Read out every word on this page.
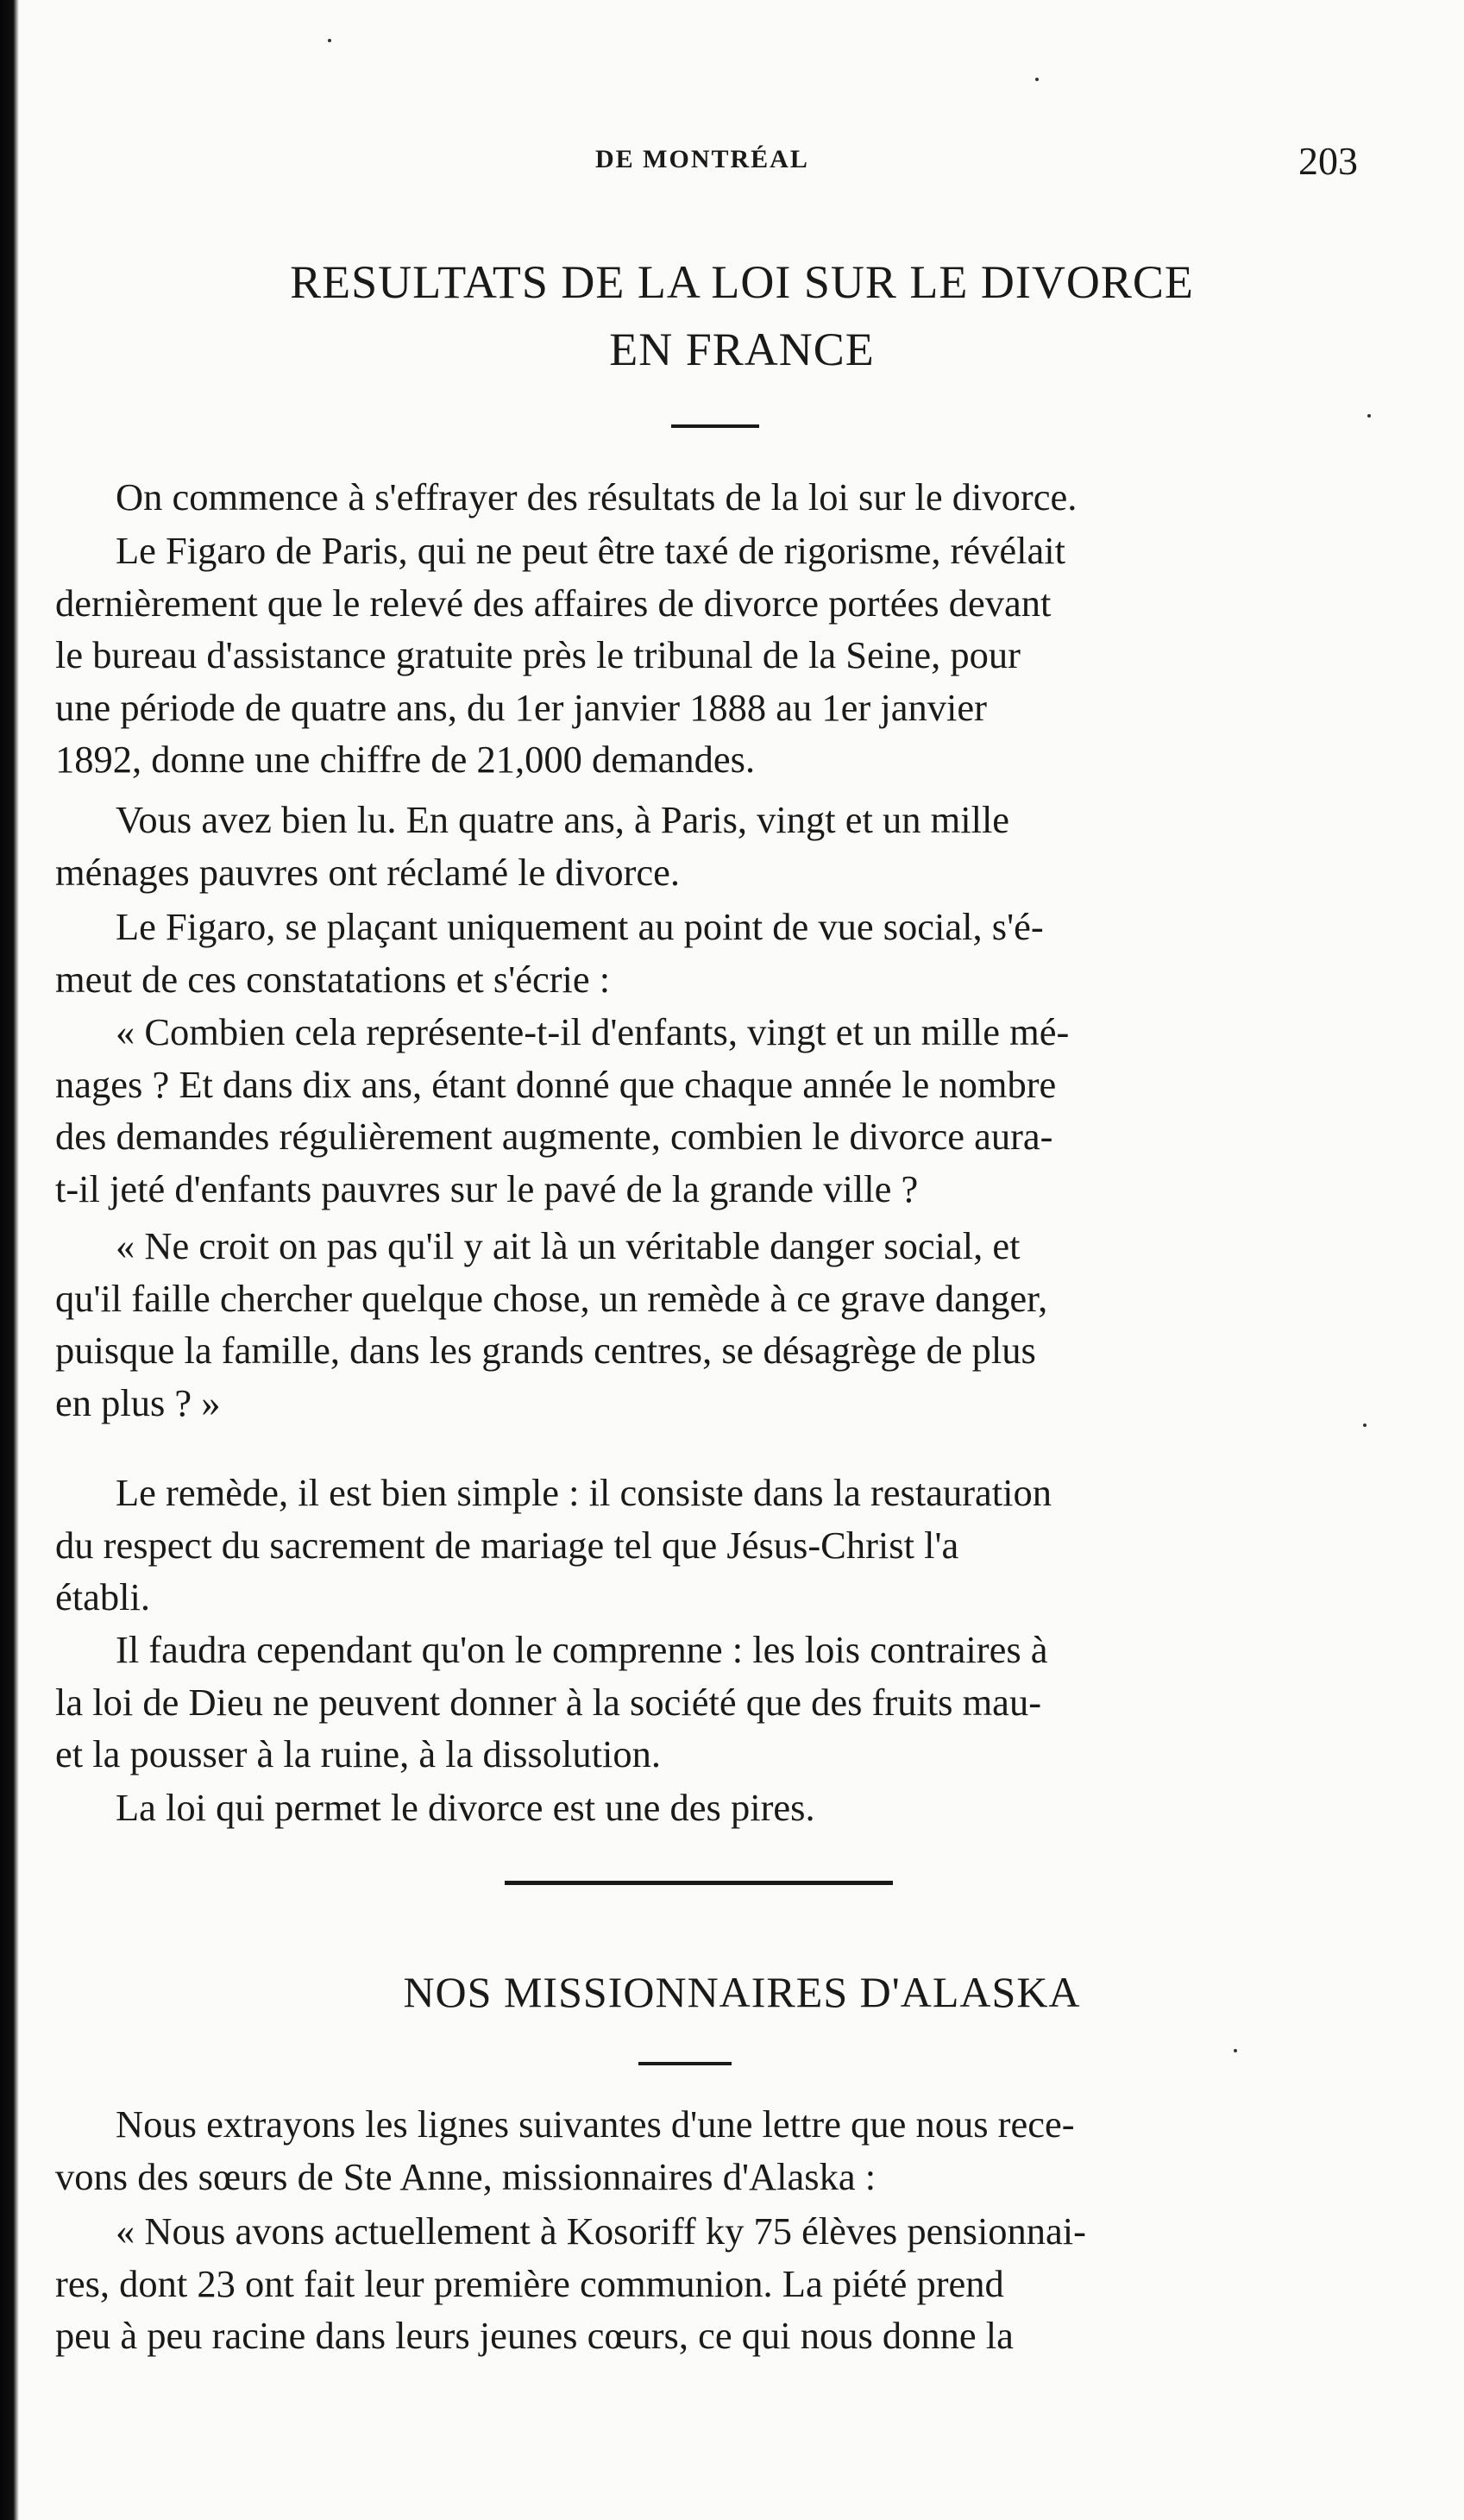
DE MONTRÉAL	203
RESULTATS DE LA LOI SUR LE DIVORCE
EN FRANCE
On commence à s'effrayer des résultats de la loi sur le divorce.
Le Figaro de Paris, qui ne peut être taxé de rigorisme, révélait
dernièrement que le relevé des affaires de divorce portées devant
le bureau d'assistance gratuite près le tribunal de la Seine, pour
une période de quatre ans, du 1er janvier 1888 au 1er janvier
1892, donne une chiffre de 21,000 demandes.
Vous avez bien lu. En quatre ans, à Paris, vingt et un mille
ménages pauvres ont réclamé le divorce.
Le Figaro, se plaçant uniquement au point de vue social, s'é-
meut de ces constatations et s'écrie :
« Combien cela représente-t-il d'enfants, vingt et un mille mé-
nages ? Et dans dix ans, étant donné que chaque année le nombre
des demandes régulièrement augmente, combien le divorce aura-
t-il jeté d'enfants pauvres sur le pavé de la grande ville ?
« Ne croit on pas qu'il y ait là un véritable danger social, et
qu'il faille chercher quelque chose, un remède à ce grave danger,
puisque la famille, dans les grands centres, se désagrège de plus
en plus ? »
Le remède, il est bien simple : il consiste dans la restauration
du respect du sacrement de mariage tel que Jésus-Christ l'a
établi.
Il faudra cependant qu'on le comprenne : les lois contraires à
la loi de Dieu ne peuvent donner à la société que des fruits mau-
et la pousser à la ruine, à la dissolution.
La loi qui permet le divorce est une des pires.
NOS MISSIONNAIRES D'ALASKA
Nous extrayons les lignes suivantes d'une lettre que nous rece-
vons des sœurs de Ste Anne, missionnaires d'Alaska :
« Nous avons actuellement à Kosoriff ky 75 élèves pensionnai-
res, dont 23 ont fait leur première communion. La piété prend
peu à peu racine dans leurs jeunes cœurs, ce qui nous donne la
